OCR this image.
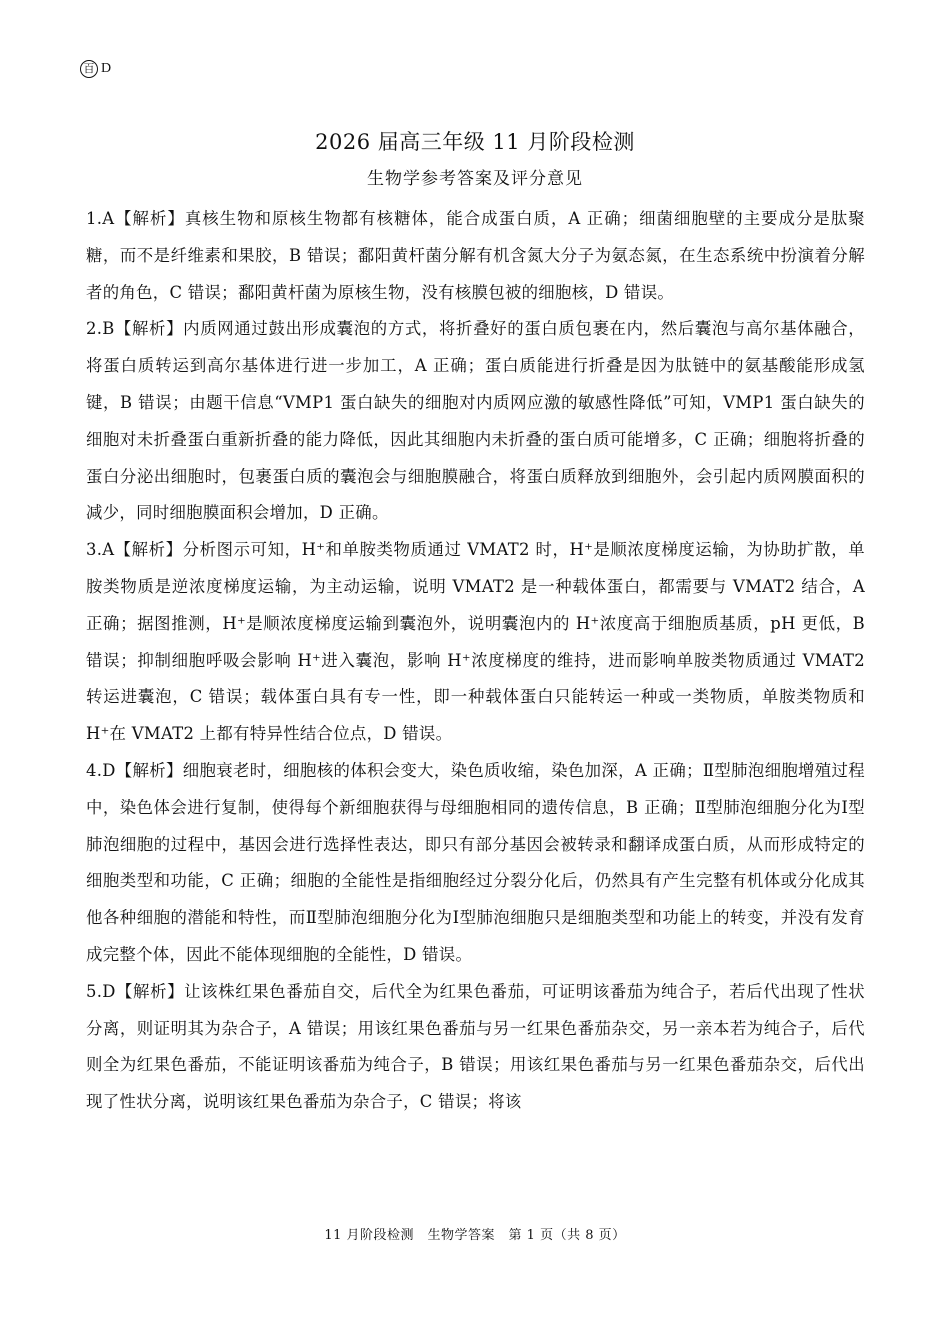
百 D
2026 届高三年级 11 月阶段检测
生物学参考答案及评分意见

1.A【解析】真核生物和原核生物都有核糖体，能合成蛋白质，A 正确；细菌细胞壁的主要成分是肽聚糖，而不是纤维素和果胶，B 错误；鄱阳黄杆菌分解有机含氮大分子为氨态氮，在生态系统中扮演着分解者的角色，C 错误；鄱阳黄杆菌为原核生物，没有核膜包被的细胞核，D 错误。

2.B【解析】内质网通过鼓出形成囊泡的方式，将折叠好的蛋白质包裹在内，然后囊泡与高尔基体融合，将蛋白质转运到高尔基体进行进一步加工，A 正确；蛋白质能进行折叠是因为肽链中的氨基酸能形成氢键，B 错误；由题干信息“VMP1 蛋白缺失的细胞对内质网应激的敏感性降低”可知，VMP1 蛋白缺失的细胞对未折叠蛋白重新折叠的能力降低，因此其细胞内未折叠的蛋白质可能增多，C 正确；细胞将折叠的蛋白分泌出细胞时，包裹蛋白质的囊泡会与细胞膜融合，将蛋白质释放到细胞外，会引起内质网膜面积的减少，同时细胞膜面积会增加，D 正确。

3.A【解析】分析图示可知，H⁺和单胺类物质通过 VMAT2 时，H⁺是顺浓度梯度运输，为协助扩散，单胺类物质是逆浓度梯度运输，为主动运输，说明 VMAT2 是一种载体蛋白，都需要与 VMAT2 结合，A 正确；据图推测，H⁺是顺浓度梯度运输到囊泡外，说明囊泡内的 H⁺浓度高于细胞质基质，pH 更低，B 错误；抑制细胞呼吸会影响 H⁺进入囊泡，影响 H⁺浓度梯度的维持，进而影响单胺类物质通过 VMAT2 转运进囊泡，C 错误；载体蛋白具有专一性，即一种载体蛋白只能转运一种或一类物质，单胺类物质和 H⁺在 VMAT2 上都有特异性结合位点，D 错误。

4.D【解析】细胞衰老时，细胞核的体积会变大，染色质收缩，染色加深，A 正确；Ⅱ型肺泡细胞增殖过程中，染色体会进行复制，使得每个新细胞获得与母细胞相同的遗传信息，B 正确；Ⅱ型肺泡细胞分化为Ⅰ型肺泡细胞的过程中，基因会进行选择性表达，即只有部分基因会被转录和翻译成蛋白质，从而形成特定的细胞类型和功能，C 正确；细胞的全能性是指细胞经过分裂分化后，仍然具有产生完整有机体或分化成其他各种细胞的潜能和特性，而Ⅱ型肺泡细胞分化为Ⅰ型肺泡细胞只是细胞类型和功能上的转变，并没有发育成完整个体，因此不能体现细胞的全能性，D 错误。

5.D【解析】让该株红果色番茄自交，后代全为红果色番茄，可证明该番茄为纯合子，若后代出现了性状分离，则证明其为杂合子，A 错误；用该红果色番茄与另一红果色番茄杂交，另一亲本若为纯合子，后代则全为红果色番茄，不能证明该番茄为纯合子，B 错误；用该红果色番茄与另一红果色番茄杂交，后代出现了性状分离，说明该红果色番茄为杂合子，C 错误；将该

11 月阶段检测　生物学答案　第 1 页（共 8 页）
